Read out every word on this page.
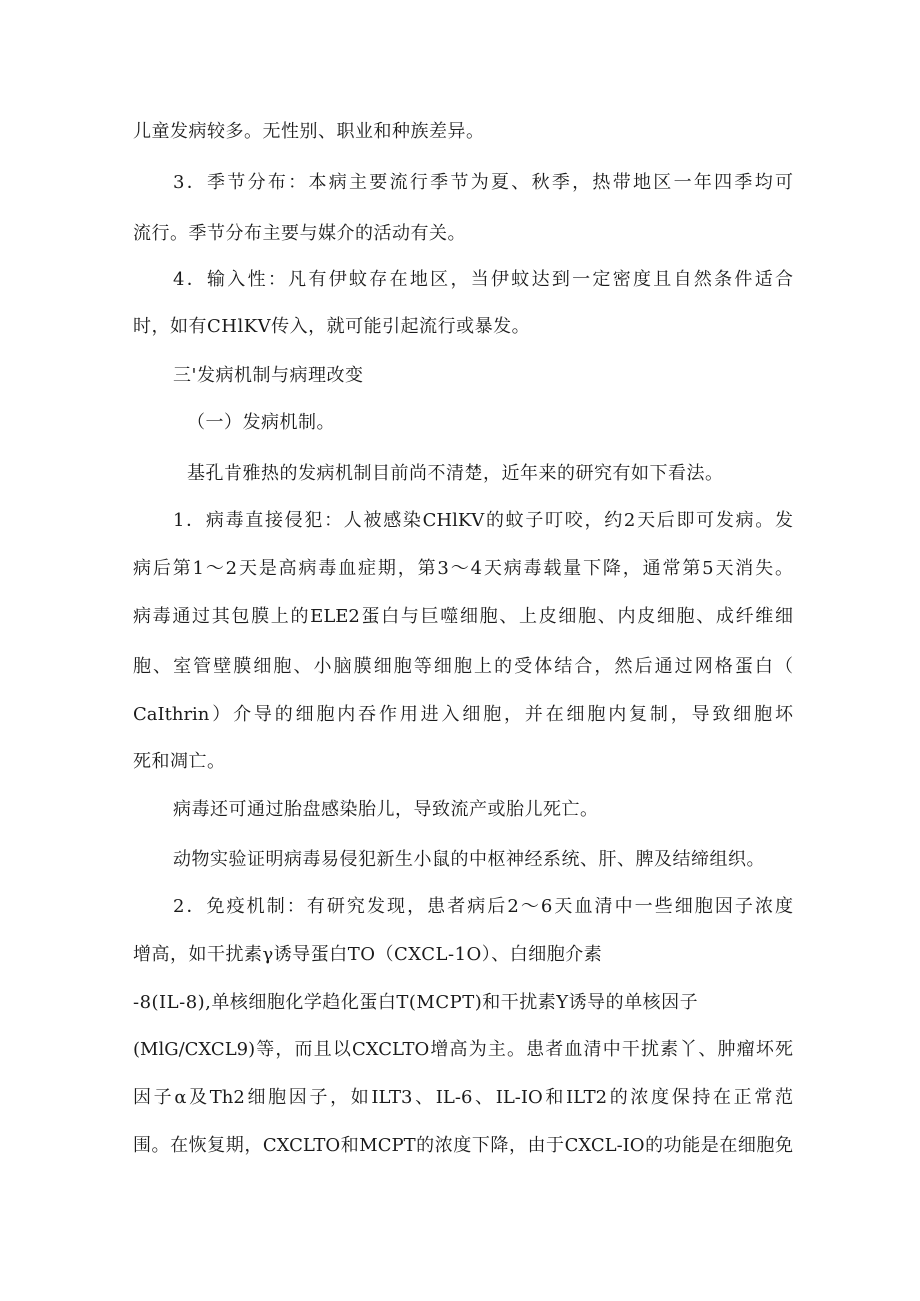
儿童发病较多。无性别、职业和种族差异。
3．季节分布：本病主要流行季节为夏、秋季，热带地区一年四季均可
流行。季节分布主要与媒介的活动有关。
4．输入性：凡有伊蚊存在地区，当伊蚊达到一定密度且自然条件适合
时，如有CHlKV传入，就可能引起流行或暴发。
三'发病机制与病理改变
（一）发病机制。
基孔肯雅热的发病机制目前尚不清楚，近年来的研究有如下看法。
1．病毒直接侵犯：人被感染CHlKV的蚊子叮咬，约2天后即可发病。发
病后第1～2天是高病毒血症期，第3～4天病毒载量下降，通常第5天消失。
病毒通过其包膜上的ELE2蛋白与巨噬细胞、上皮细胞、内皮细胞、成纤维细
胞、室管壁膜细胞、小脑膜细胞等细胞上的受体结合，然后通过网格蛋白（
CaIthrin）介导的细胞内吞作用进入细胞，并在细胞内复制，导致细胞坏
死和凋亡。
病毒还可通过胎盘感染胎儿，导致流产或胎儿死亡。
动物实验证明病毒易侵犯新生小鼠的中枢神经系统、肝、脾及结缔组织。
2．免疫机制：有研究发现，患者病后2～6天血清中一些细胞因子浓度
增高，如干扰素γ诱导蛋白TO（CXCL-1O）、白细胞介素
-8(IL-8),单核细胞化学趋化蛋白T(MCPT)和干扰素Y诱导的单核因子
(MlG/CXCL9)等，而且以CXCLTO增高为主。患者血清中干扰素丫、肿瘤坏死
因子α及Th2细胞因子，如ILT3、IL-6、IL-IO和ILT2的浓度保持在正常范
围。在恢复期，CXCLTO和MCPT的浓度下降，由于CXCL-IO的功能是在细胞免
